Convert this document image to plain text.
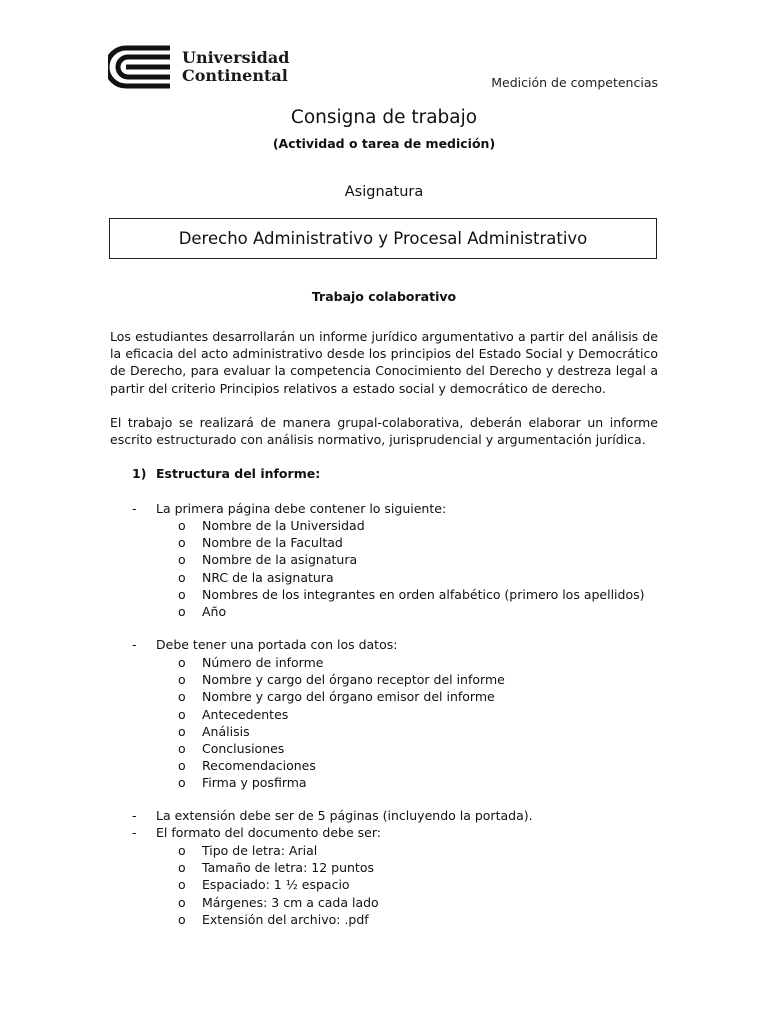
Universidad
Continental	Medición de competencias
Consigna de trabajo
(Actividad o tarea de medición)
Asignatura
Derecho Administrativo y Procesal Administrativo
Trabajo colaborativo

Los estudiantes desarrollarán un informe jurídico argumentativo a partir del análisis de la eficacia del acto administrativo desde los principios del Estado Social y Democrático de Derecho, para evaluar la competencia Conocimiento del Derecho y destreza legal a partir del criterio Principios relativos a estado social y democrático de derecho.

El trabajo se realizará de manera grupal-colaborativa, deberán elaborar un informe escrito estructurado con análisis normativo, jurisprudencial y argumentación jurídica.

1) Estructura del informe:
- La primera página debe contener lo siguiente:
o	Nombre de la Universidad
o	Nombre de la Facultad
o	Nombre de la asignatura
o	NRC de la asignatura
o	Nombres de los integrantes en orden alfabético (primero los apellidos)
o	Año
- Debe tener una portada con los datos:
o	Número de informe
o	Nombre y cargo del órgano receptor del informe
o	Nombre y cargo del órgano emisor del informe
o	Antecedentes
o	Análisis
o	Conclusiones
o	Recomendaciones
o	Firma y posfirma
- La extensión debe ser de 5 páginas (incluyendo la portada).
- El formato del documento debe ser:
o	Tipo de letra: Arial
o	Tamaño de letra: 12 puntos
o	Espaciado: 1 ½ espacio
o	Márgenes: 3 cm a cada lado
o	Extensión del archivo: .pdf
